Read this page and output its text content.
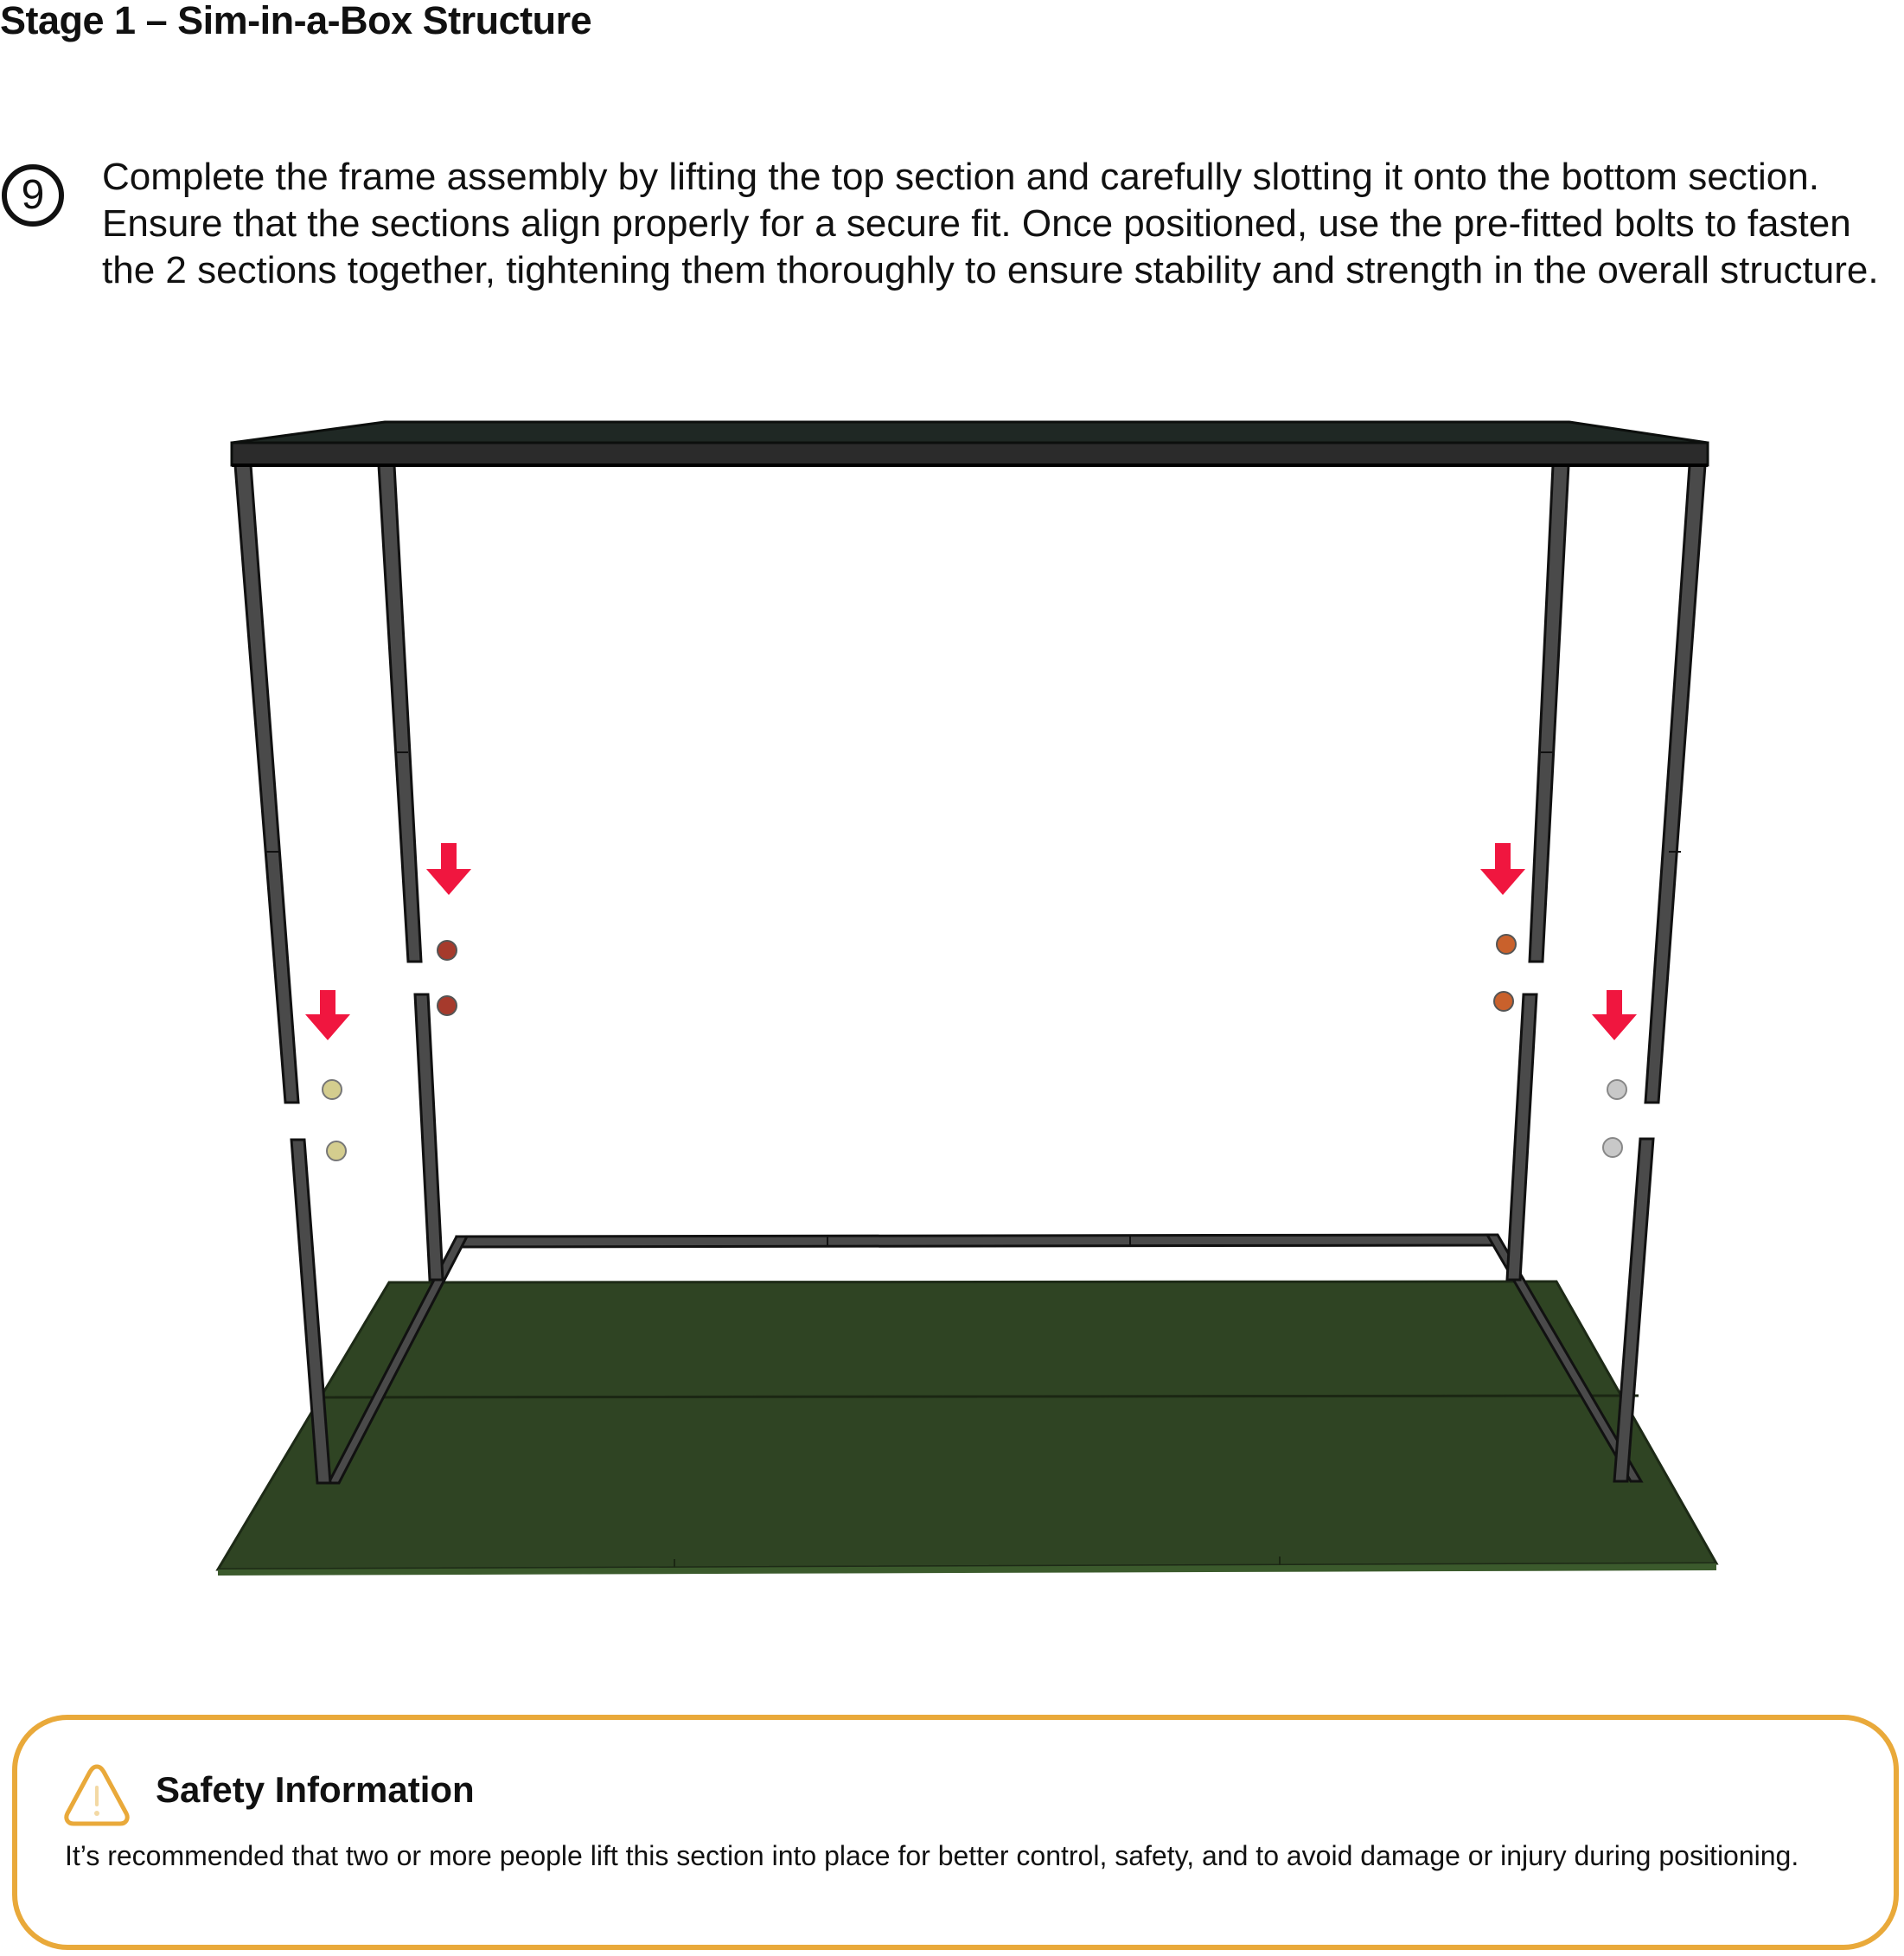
Stage 1 – Sim-in-a-Box Structure
9 Complete the frame assembly by lifting the top section and carefully slotting it onto the bottom section. Ensure that the sections align properly for a secure fit. Once positioned, use the pre-fitted bolts to fasten the 2 sections together, tightening them thoroughly to ensure stability and strength in the overall structure.

Safety Information

It’s recommended that two or more people lift this section into place for better control, safety, and to avoid damage or injury during positioning.
